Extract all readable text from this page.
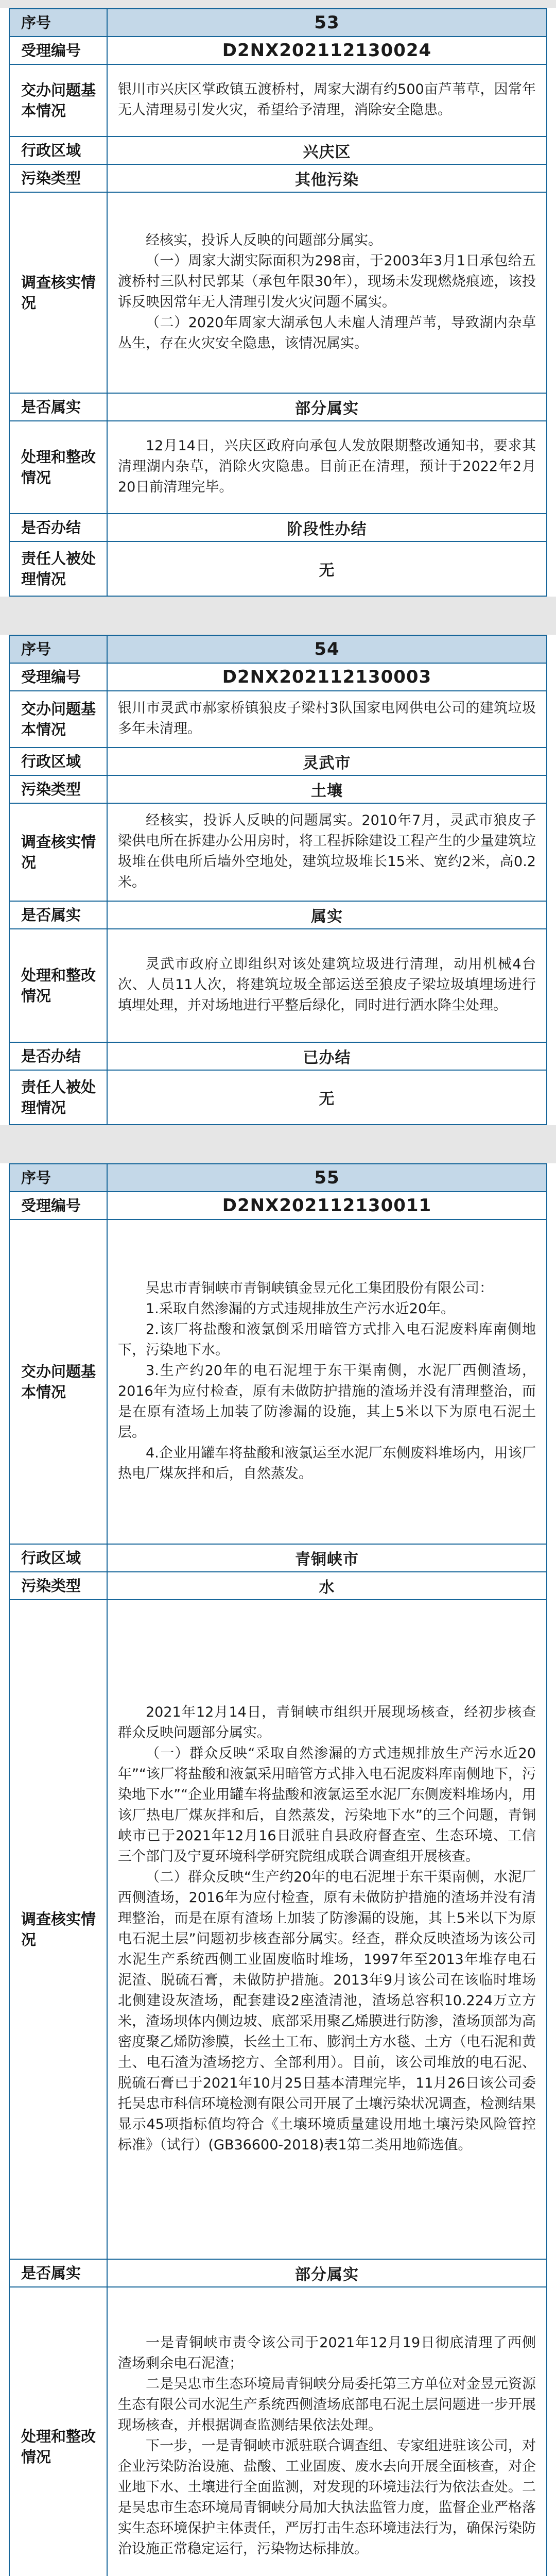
序号	53
受理编号	D2NX202112130024
交办问题基本情况	银川市兴庆区掌政镇五渡桥村，周家大湖有约500亩芦苇草，因常年无人清理易引发火灾，希望给予清理，消除安全隐患。

行政区域	兴庆区
污染类型	其他污染
调查核实情况	经核实，投诉人反映的问题部分属实。

（一）周家大湖实际面积为298亩，于2003年3月1日承包给五渡桥村三队村民郭某（承包年限30年），现场未发现燃烧痕迹，该投诉反映因常年无人清理引发火灾问题不属实。

（二）2020年周家大湖承包人未雇人清理芦苇，导致湖内杂草丛生，存在火灾安全隐患，该情况属实。

是否属实	部分属实
处理和整改情况	12月14日，兴庆区政府向承包人发放限期整改通知书，要求其清理湖内杂草，消除火灾隐患。目前正在清理，预计于2022年2月20日前清理完毕。

是否办结	阶段性办结
责任人被处理情况	无
序号	54
受理编号	D2NX202112130003
交办问题基本情况	银川市灵武市郝家桥镇狼皮子梁村3队国家电网供电公司的建筑垃圾多年未清理。

行政区域	灵武市
污染类型	土壤
调查核实情况	经核实，投诉人反映的问题属实。2010年7月，灵武市狼皮子梁供电所在拆建办公用房时，将工程拆除建设工程产生的少量建筑垃圾堆在供电所后墙外空地处，建筑垃圾堆长15米、宽约2米，高0.2米。

是否属实	属实
处理和整改情况	灵武市政府立即组织对该处建筑垃圾进行清理，动用机械4台次、人员11人次，将建筑垃圾全部运送至狼皮子梁垃圾填埋场进行填埋处理，并对场地进行平整后绿化，同时进行洒水降尘处理。

是否办结	已办结
责任人被处理情况	无
序号	55
受理编号	D2NX202112130011
交办问题基本情况	吴忠市青铜峡市青铜峡镇金昱元化工集团股份有限公司：

1.采取自然渗漏的方式违规排放生产污水近20年。

2.该厂将盐酸和液氯倒采用暗管方式排入电石泥废料库南侧地下，污染地下水。

3.生产约20年的电石泥埋于东干渠南侧，水泥厂西侧渣场，2016年为应付检查，原有未做防护措施的渣场并没有清理整治，而是在原有渣场上加装了防渗漏的设施，其上5米以下为原电石泥土层。

4.企业用罐车将盐酸和液氯运至水泥厂东侧废料堆场内，用该厂热电厂煤灰拌和后，自然蒸发。

行政区域	青铜峡市
污染类型	水
调查核实情况	2021年12月14日，青铜峡市组织开展现场核查，经初步核查群众反映问题部分属实。

（一）群众反映“采取自然渗漏的方式违规排放生产污水近20年”“该厂将盐酸和液氯采用暗管方式排入电石泥废料库南侧地下，污染地下水”“企业用罐车将盐酸和液氯运至水泥厂东侧废料堆场内，用该厂热电厂煤灰拌和后，自然蒸发，污染地下水”的三个问题，青铜峡市已于2021年12月16日派驻自县政府督查室、生态环境、工信三个部门及宁夏环境科学研究院组成联合调查组开展核查。

（二）群众反映“生产约20年的电石泥埋于东干渠南侧，水泥厂西侧渣场，2016年为应付检查，原有未做防护措施的渣场并没有清理整治，而是在原有渣场上加装了防渗漏的设施，其上5米以下为原电石泥土层”问题初步核查部分属实。经查，群众反映渣场为该公司水泥生产系统西侧工业固废临时堆场，1997年至2013年堆存电石泥渣、脱硫石膏，未做防护措施。2013年9月该公司在该临时堆场北侧建设灰渣场，配套建设2座渣清池，渣场总容积10.224万立方米，渣场坝体内侧边坡、底部采用聚乙烯膜进行防渗，渣场顶部为高密度聚乙烯防渗膜，长丝土工布、膨润土方水毯、土方（电石泥和黄土、电石渣为渣场挖方、全部利用）。目前，该公司堆放的电石泥、脱硫石膏已于2021年10月25日基本清理完毕，11月26日该公司委托吴忠市科信环境检测有限公司开展了土壤污染状况调查，检测结果显示45项指标值均符合《土壤环境质量建设用地土壤污染风险管控标准》（试行）(GB36600-2018)表1第二类用地筛选值。

是否属实	部分属实
处理和整改情况	一是青铜峡市责令该公司于2021年12月19日彻底清理了西侧渣场剩余电石泥渣；

二是吴忠市生态环境局青铜峡分局委托第三方单位对金昱元资源生态有限公司水泥生产系统西侧渣场底部电石泥土层问题进一步开展现场核查，并根据调查监测结果依法处理。

下一步，一是青铜峡市派驻联合调查组、专家组进驻该公司，对企业污染防治设施、盐酸、工业固废、废水去向开展全面核查，对企业地下水、土壤进行全面监测，对发现的环境违法行为依法查处。二是吴忠市生态环境局青铜峡分局加大执法监管力度，监督企业严格落实生态环境保护主体责任，严厉打击生态环境违法行为，确保污染防治设施正常稳定运行，污染物达标排放。
